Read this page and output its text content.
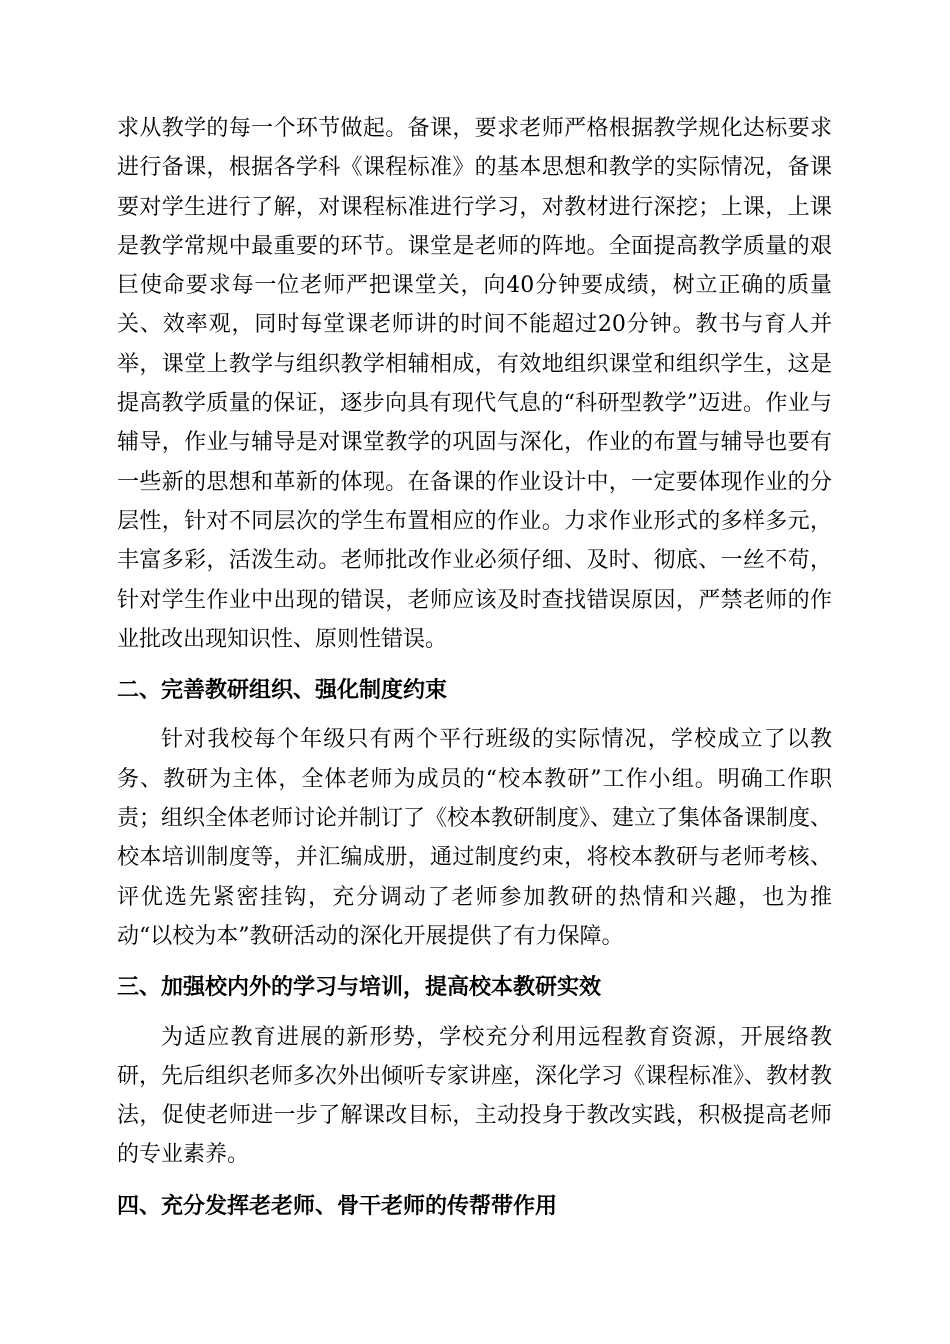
求从教学的每一个环节做起。备课，要求老师严格根据教学规化达标要求进行备课，根据各学科《课程标准》的基本思想和教学的实际情况，备课要对学生进行了解，对课程标准进行学习，对教材进行深挖；上课，上课是教学常规中最重要的环节。课堂是老师的阵地。全面提高教学质量的艰巨使命要求每一位老师严把课堂关，向40分钟要成绩，树立正确的质量关、效率观，同时每堂课老师讲的时间不能超过20分钟。教书与育人并举，课堂上教学与组织教学相辅相成，有效地组织课堂和组织学生，这是提高教学质量的保证，逐步向具有现代气息的“科研型教学”迈进。作业与辅导，作业与辅导是对课堂教学的巩固与深化，作业的布置与辅导也要有一些新的思想和革新的体现。在备课的作业设计中，一定要体现作业的分层性，针对不同层次的学生布置相应的作业。力求作业形式的多样多元，丰富多彩，活泼生动。老师批改作业必须仔细、及时、彻底、一丝不苟，针对学生作业中出现的错误，老师应该及时查找错误原因，严禁老师的作业批改出现知识性、原则性错误。

二、完善教研组织、强化制度约束

针对我校每个年级只有两个平行班级的实际情况，学校成立了以教务、教研为主体，全体老师为成员的“校本教研”工作小组。明确工作职责；组织全体老师讨论并制订了《校本教研制度》、建立了集体备课制度、校本培训制度等，并汇编成册，通过制度约束，将校本教研与老师考核、评优选先紧密挂钩，充分调动了老师参加教研的热情和兴趣，也为推动“以校为本”教研活动的深化开展提供了有力保障。

三、加强校内外的学习与培训，提高校本教研实效

为适应教育进展的新形势，学校充分利用远程教育资源，开展络教研，先后组织老师多次外出倾听专家讲座，深化学习《课程标准》、教材教法，促使老师进一步了解课改目标，主动投身于教改实践，积极提高老师的专业素养。

四、充分发挥老老师、骨干老师的传帮带作用
